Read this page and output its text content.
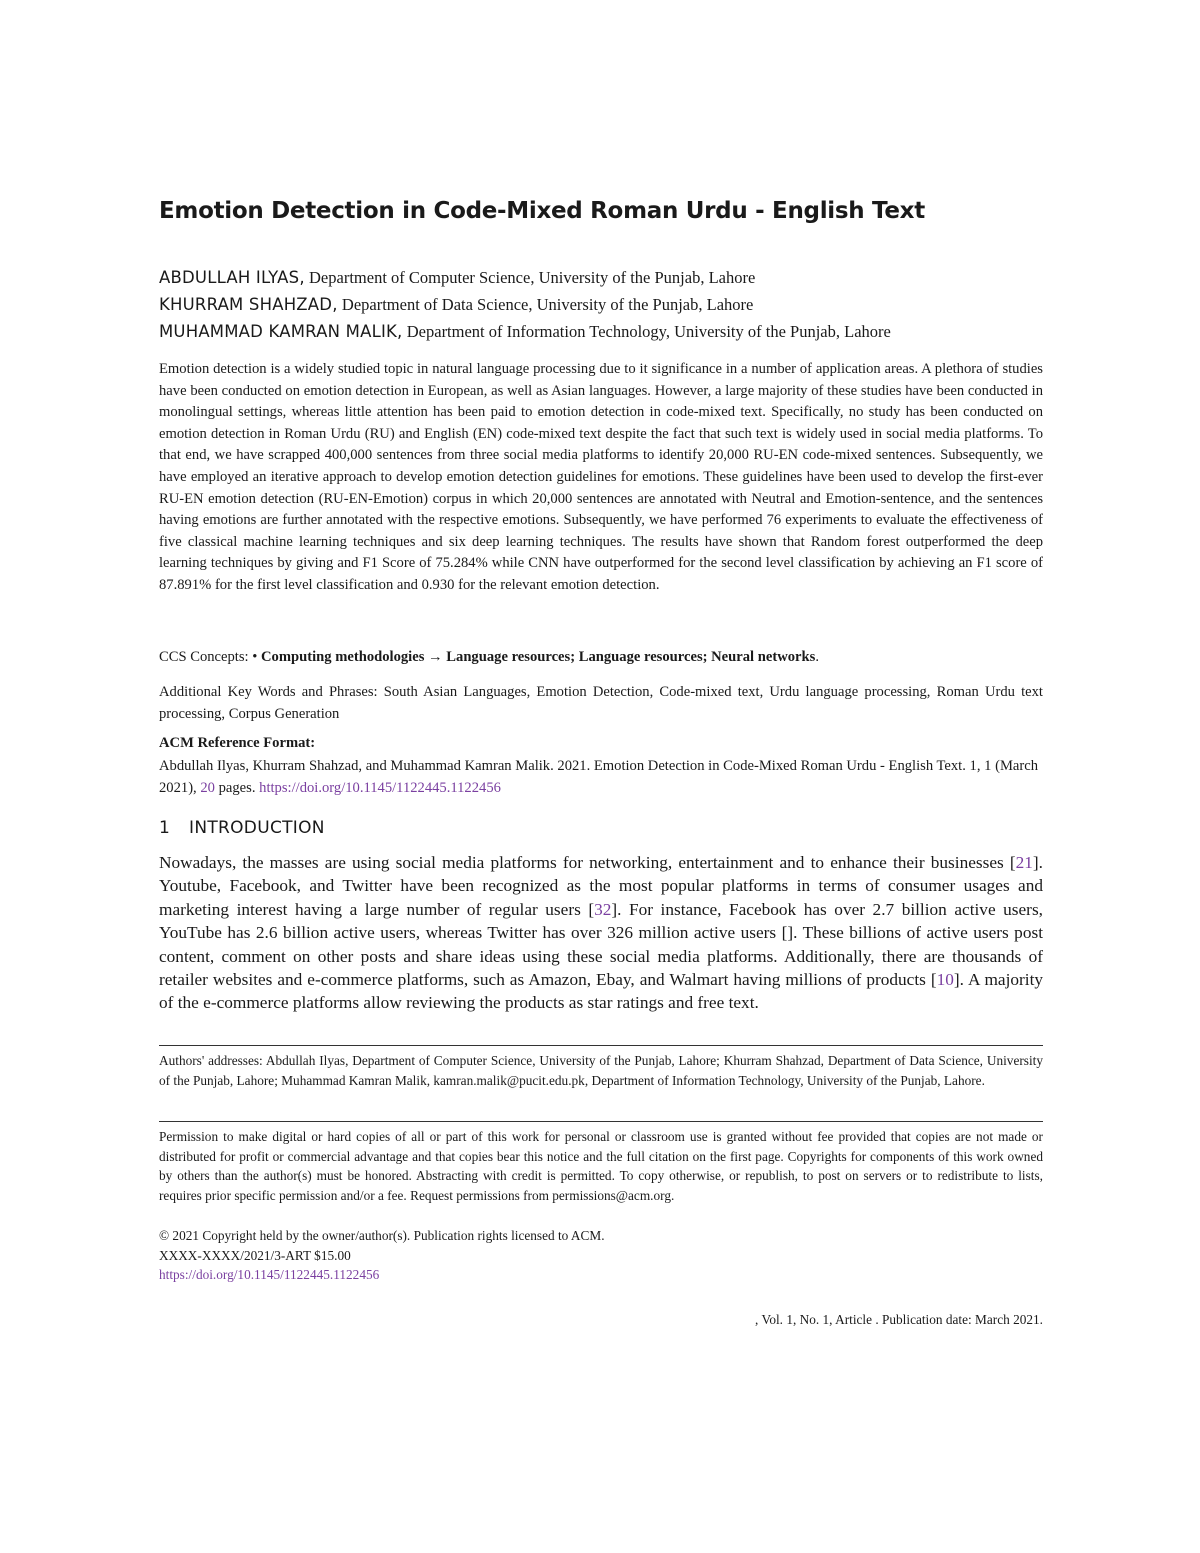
Emotion Detection in Code-Mixed Roman Urdu - English Text
ABDULLAH ILYAS, Department of Computer Science, University of the Punjab, Lahore
KHURRAM SHAHZAD, Department of Data Science, University of the Punjab, Lahore
MUHAMMAD KAMRAN MALIK, Department of Information Technology, University of the Punjab, Lahore
Emotion detection is a widely studied topic in natural language processing due to it significance in a number of application areas. A plethora of studies have been conducted on emotion detection in European, as well as Asian languages. However, a large majority of these studies have been conducted in monolingual settings, whereas little attention has been paid to emotion detection in code-mixed text. Specifically, no study has been conducted on emotion detection in Roman Urdu (RU) and English (EN) code-mixed text despite the fact that such text is widely used in social media platforms. To that end, we have scrapped 400,000 sentences from three social media platforms to identify 20,000 RU-EN code-mixed sentences. Subsequently, we have employed an iterative approach to develop emotion detection guidelines for emotions. These guidelines have been used to develop the first-ever RU-EN emotion detection (RU-EN-Emotion) corpus in which 20,000 sentences are annotated with Neutral and Emotion-sentence, and the sentences having emotions are further annotated with the respective emotions. Subsequently, we have performed 76 experiments to evaluate the effectiveness of five classical machine learning techniques and six deep learning techniques. The results have shown that Random forest outperformed the deep learning techniques by giving and F1 Score of 75.284% while CNN have outperformed for the second level classification by achieving an F1 score of 87.891% for the first level classification and 0.930 for the relevant emotion detection.
CCS Concepts: • Computing methodologies → Language resources; Language resources; Neural networks.
Additional Key Words and Phrases: South Asian Languages, Emotion Detection, Code-mixed text, Urdu language processing, Roman Urdu text processing, Corpus Generation
ACM Reference Format:
Abdullah Ilyas, Khurram Shahzad, and Muhammad Kamran Malik. 2021. Emotion Detection in Code-Mixed Roman Urdu - English Text. 1, 1 (March 2021), 20 pages. https://doi.org/10.1145/1122445.1122456
1 INTRODUCTION
Nowadays, the masses are using social media platforms for networking, entertainment and to enhance their businesses [21]. Youtube, Facebook, and Twitter have been recognized as the most popular platforms in terms of consumer usages and marketing interest having a large number of regular users [32]. For instance, Facebook has over 2.7 billion active users, YouTube has 2.6 billion active users, whereas Twitter has over 326 million active users []. These billions of active users post content, comment on other posts and share ideas using these social media platforms. Additionally, there are thousands of retailer websites and e-commerce platforms, such as Amazon, Ebay, and Walmart having millions of products [10]. A majority of the e-commerce platforms allow reviewing the products as star ratings and free text.
Authors' addresses: Abdullah Ilyas, Department of Computer Science, University of the Punjab, Lahore; Khurram Shahzad, Department of Data Science, University of the Punjab, Lahore; Muhammad Kamran Malik, kamran.malik@pucit.edu.pk, Department of Information Technology, University of the Punjab, Lahore.
Permission to make digital or hard copies of all or part of this work for personal or classroom use is granted without fee provided that copies are not made or distributed for profit or commercial advantage and that copies bear this notice and the full citation on the first page. Copyrights for components of this work owned by others than the author(s) must be honored. Abstracting with credit is permitted. To copy otherwise, or republish, to post on servers or to redistribute to lists, requires prior specific permission and/or a fee. Request permissions from permissions@acm.org.
© 2021 Copyright held by the owner/author(s). Publication rights licensed to ACM.
XXXX-XXXX/2021/3-ART $15.00
https://doi.org/10.1145/1122445.1122456
, Vol. 1, No. 1, Article . Publication date: March 2021.
